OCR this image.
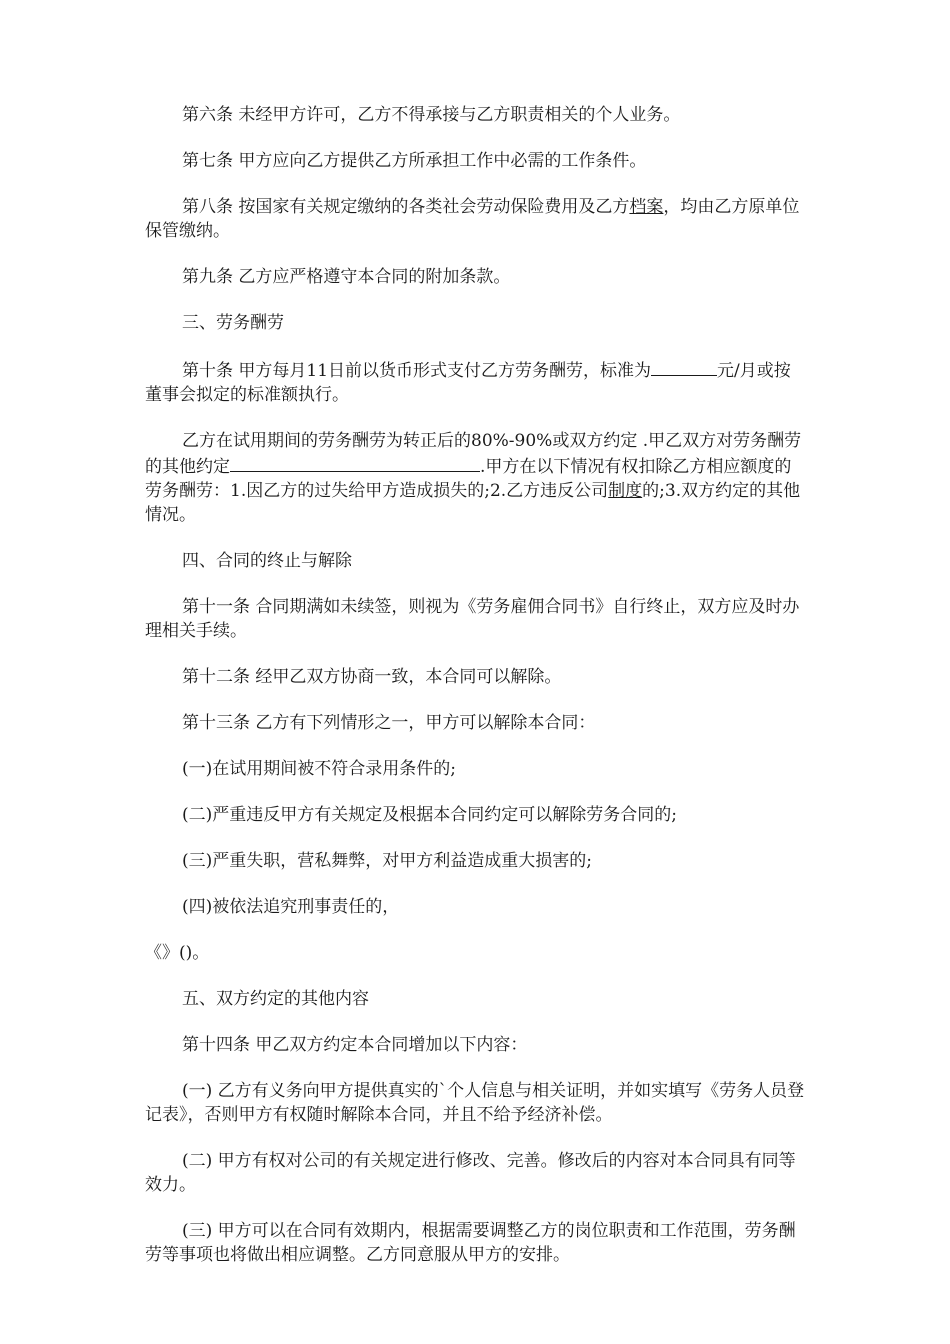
第六条 未经甲方许可，乙方不得承接与乙方职责相关的个人业务。

第七条 甲方应向乙方提供乙方所承担工作中必需的工作条件。

第八条 按国家有关规定缴纳的各类社会劳动保险费用及乙方档案，均由乙方原单位保管缴纳。

第九条 乙方应严格遵守本合同的附加条款。

三、劳务酬劳

第十条 甲方每月11日前以货币形式支付乙方劳务酬劳，标准为	元/月或按董事会拟定的标准额执行。

乙方在试用期间的劳务酬劳为转正后的80%-90%或双方约定 .甲乙双方对劳务酬劳的其他约定	.甲方在以下情况有权扣除乙方相应额度的劳务酬劳：1.因乙方的过失给甲方造成损失的;2.乙方违反公司制度的;3.双方约定的其他情况。

四、合同的终止与解除

第十一条 合同期满如未续签，则视为《劳务雇佣合同书》自行终止，双方应及时办理相关手续。

第十二条 经甲乙双方协商一致，本合同可以解除。

第十三条 乙方有下列情形之一，甲方可以解除本合同：

(一)在试用期间被不符合录用条件的;

(二)严重违反甲方有关规定及根据本合同约定可以解除劳务合同的;

(三)严重失职，营私舞弊，对甲方利益造成重大损害的;

(四)被依法追究刑事责任的，

《》()。

五、双方约定的其他内容

第十四条 甲乙双方约定本合同增加以下内容：

(一) 乙方有义务向甲方提供真实的`个人信息与相关证明，并如实填写《劳务人员登记表》，否则甲方有权随时解除本合同，并且不给予经济补偿。

(二) 甲方有权对公司的有关规定进行修改、完善。修改后的内容对本合同具有同等效力。

(三) 甲方可以在合同有效期内，根据需要调整乙方的岗位职责和工作范围，劳务酬劳等事项也将做出相应调整。乙方同意服从甲方的安排。
